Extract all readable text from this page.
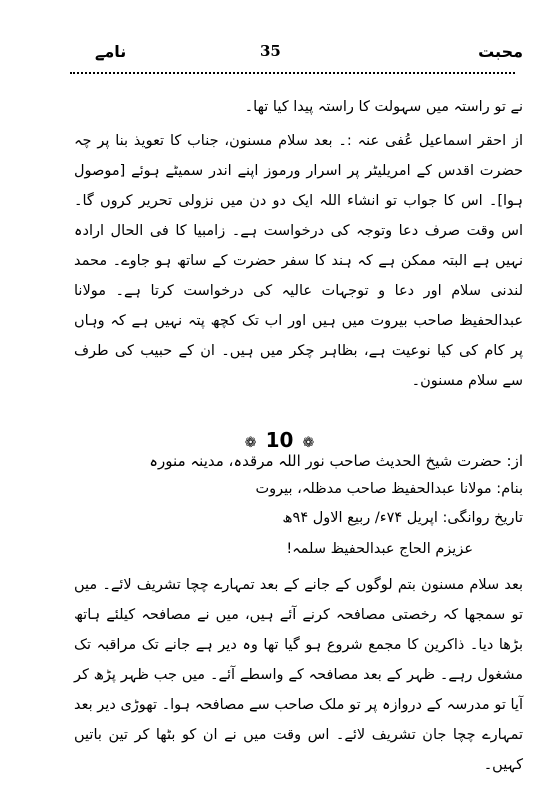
محبت
35
نامے

نے تو راستہ میں سہولت کا راستہ پیدا کیا تھا۔

از احقر اسماعیل عُفی عنہ :۔ بعد سلام مسنون، جناب کا تعویذ بنا پر چہ حضرت اقدس کے امریلیٹر پر اسرار ورموز اپنے اندر سمیٹے ہوئے [موصول ہوا]۔ اس کا جواب تو انشاء اللہ ایک دو دن میں نزولی تحریر کروں گا۔ اس وقت صرف دعا وتوجہ کی درخواست ہے۔ زامبیا کا فی الحال ارادہ نہیں ہے البتہ ممکن ہے کہ ہند کا سفر حضرت کے ساتھ ہو جاوے۔ محمد لندنی سلام اور دعا و توجہات عالیہ کی درخواست کرتا ہے۔ مولانا عبدالحفیظ صاحب بیروت میں ہیں اور اب تک کچھ پتہ نہیں ہے کہ وہاں پر کام کی کیا نوعیت ہے، بظاہر چکر میں ہیں۔ ان کے حبیب کی طرف سے سلام مسنون۔

❁ 10 ❁

از: حضرت شیخ الحدیث صاحب نور اللہ مرقدہ، مدینہ منورہ

بنام: مولانا عبدالحفیظ صاحب مدظلہ، بیروت

تاریخ روانگی: اپریل ۷۴ء/ ربیع الاول ۹۴ھ

عزیزم الحاج عبدالحفیظ سلمہ!

بعد سلام مسنون بتم لوگوں کے جانے کے بعد تمہارے چچا تشریف لائے۔ میں تو سمجھا کہ رخصتی مصافحہ کرنے آئے ہیں، میں نے مصافحہ کیلئے ہاتھ بڑھا دیا۔ ذاکرین کا مجمع شروع ہو گیا تھا وہ دیر ہے جانے تک مراقبہ تک مشغول رہے۔ ظہر کے بعد مصافحہ کے واسطے آئے۔ میں جب ظہر پڑھ کر آیا تو مدرسہ کے دروازہ پر تو ملک صاحب سے مصافحہ ہوا۔ تھوڑی دیر بعد تمہارے چچا جان تشریف لائے۔ اس وقت میں نے ان کو بٹھا کر تین باتیں کہیں۔
